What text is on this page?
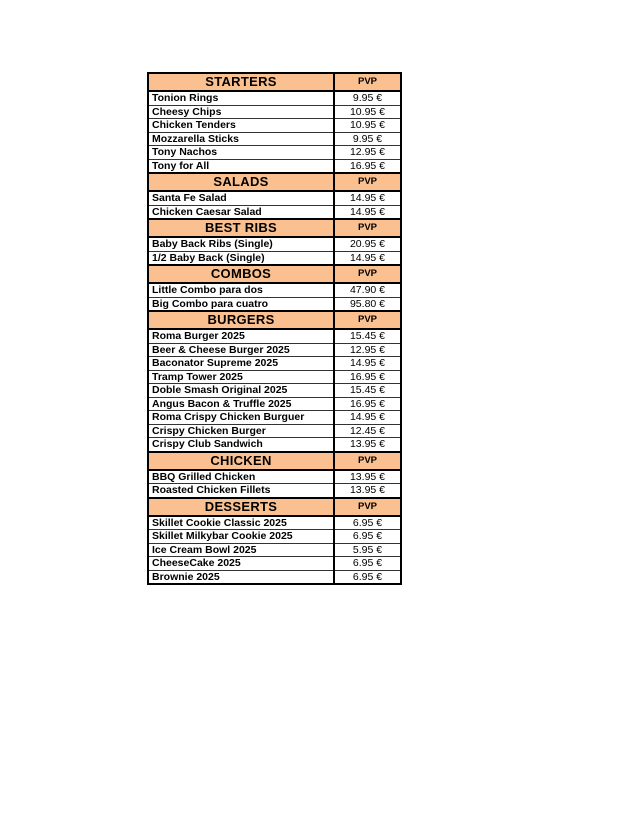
STARTERS	PVP
Tonion Rings	9.95 €
Cheesy Chips	10.95 €
Chicken Tenders	10.95 €
Mozzarella Sticks	9.95 €
Tony Nachos	12.95 €
Tony for All	16.95 €
SALADS	PVP
Santa Fe Salad	14.95 €
Chicken Caesar Salad	14.95 €
BEST RIBS	PVP
Baby Back Ribs (Single)	20.95 €
1/2 Baby Back (Single)	14.95 €
COMBOS	PVP
Little Combo para dos	47.90 €
Big Combo para cuatro	95.80 €
BURGERS	PVP
Roma Burger 2025	15.45 €
Beer & Cheese Burger 2025	12.95 €
Baconator Supreme 2025	14.95 €
Tramp Tower 2025	16.95 €
Doble Smash Original 2025	15.45 €
Angus Bacon & Truffle 2025	16.95 €
Roma Crispy Chicken Burguer	14.95 €
Crispy Chicken Burger	12.45 €
Crispy Club Sandwich	13.95 €
CHICKEN	PVP
BBQ Grilled Chicken	13.95 €
Roasted Chicken Fillets	13.95 €
DESSERTS	PVP
Skillet Cookie Classic 2025	6.95 €
Skillet Milkybar Cookie 2025	6.95 €
Ice Cream Bowl 2025	5.95 €
CheeseCake 2025	6.95 €
Brownie 2025	6.95 €
